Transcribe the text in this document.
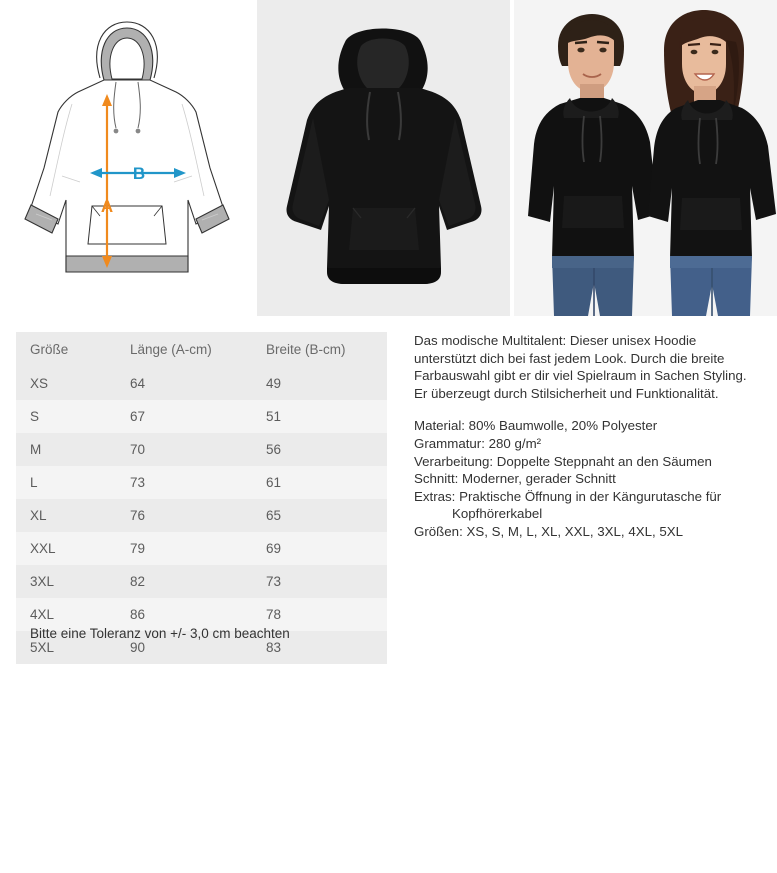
A
B
Größe	Länge (A-cm)	Breite (B-cm)
XS	64	49
S	67	51
M	70	56
L	73	61
XL	76	65
XXL	79	69
3XL	82	73
4XL	86	78
5XL	90	83

Das modische Multitalent: Dieser unisex Hoodie unterstützt dich bei fast jedem Look. Durch die breite Farbauswahl gibt er dir viel Spielraum in Sachen Styling. Er überzeugt durch Stilsicherheit und Funktionalität.

Material: 80% Baumwolle, 20% Polyester

Grammatur: 280 g/m²

Verarbeitung: Doppelte Steppnaht an den Säumen

Schnitt: Moderner, gerader Schnitt

Extras: Praktische Öffnung in der Kängurutasche für

Kopfhörerkabel

Größen: XS, S, M, L, XL, XXL, 3XL, 4XL, 5XL

Bitte eine Toleranz von +/- 3,0 cm beachten
